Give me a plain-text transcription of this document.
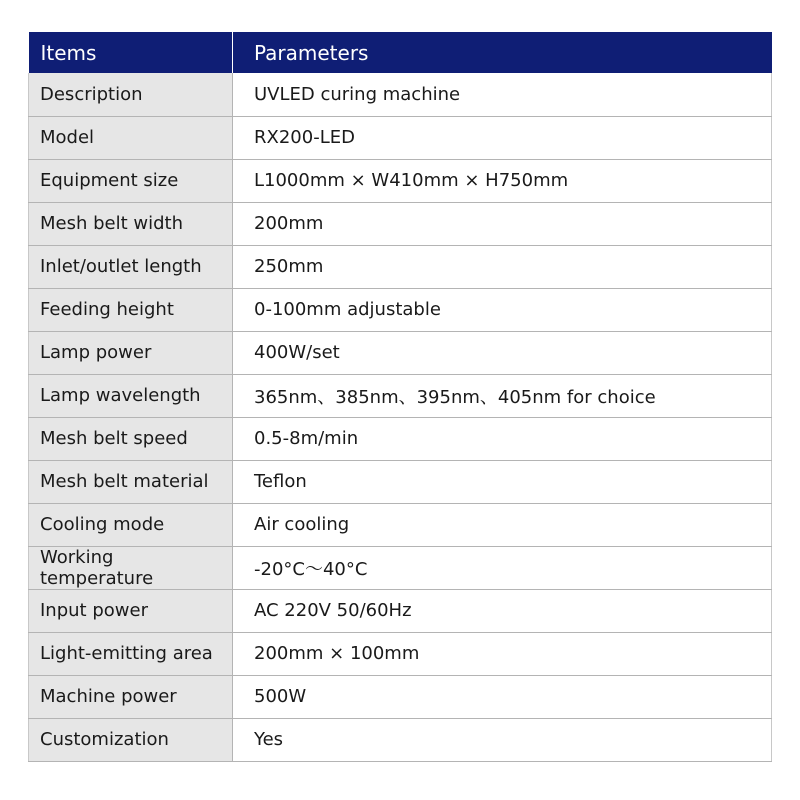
Items	Parameters
Description	UVLED curing machine
Model	RX200-LED
Equipment size	L1000mm × W410mm × H750mm
Mesh belt width	200mm
Inlet/outlet length	250mm
Feeding height	0-100mm adjustable
Lamp power	400W/set
Lamp wavelength	365nm、385nm、395nm、405nm for choice
Mesh belt speed	0.5-8m/min
Mesh belt material	Teflon
Cooling mode	Air cooling
Working temperature	-20°C～40°C
Input power	AC 220V 50/60Hz
Light-emitting area	200mm × 100mm
Machine power	500W
Customization	Yes
